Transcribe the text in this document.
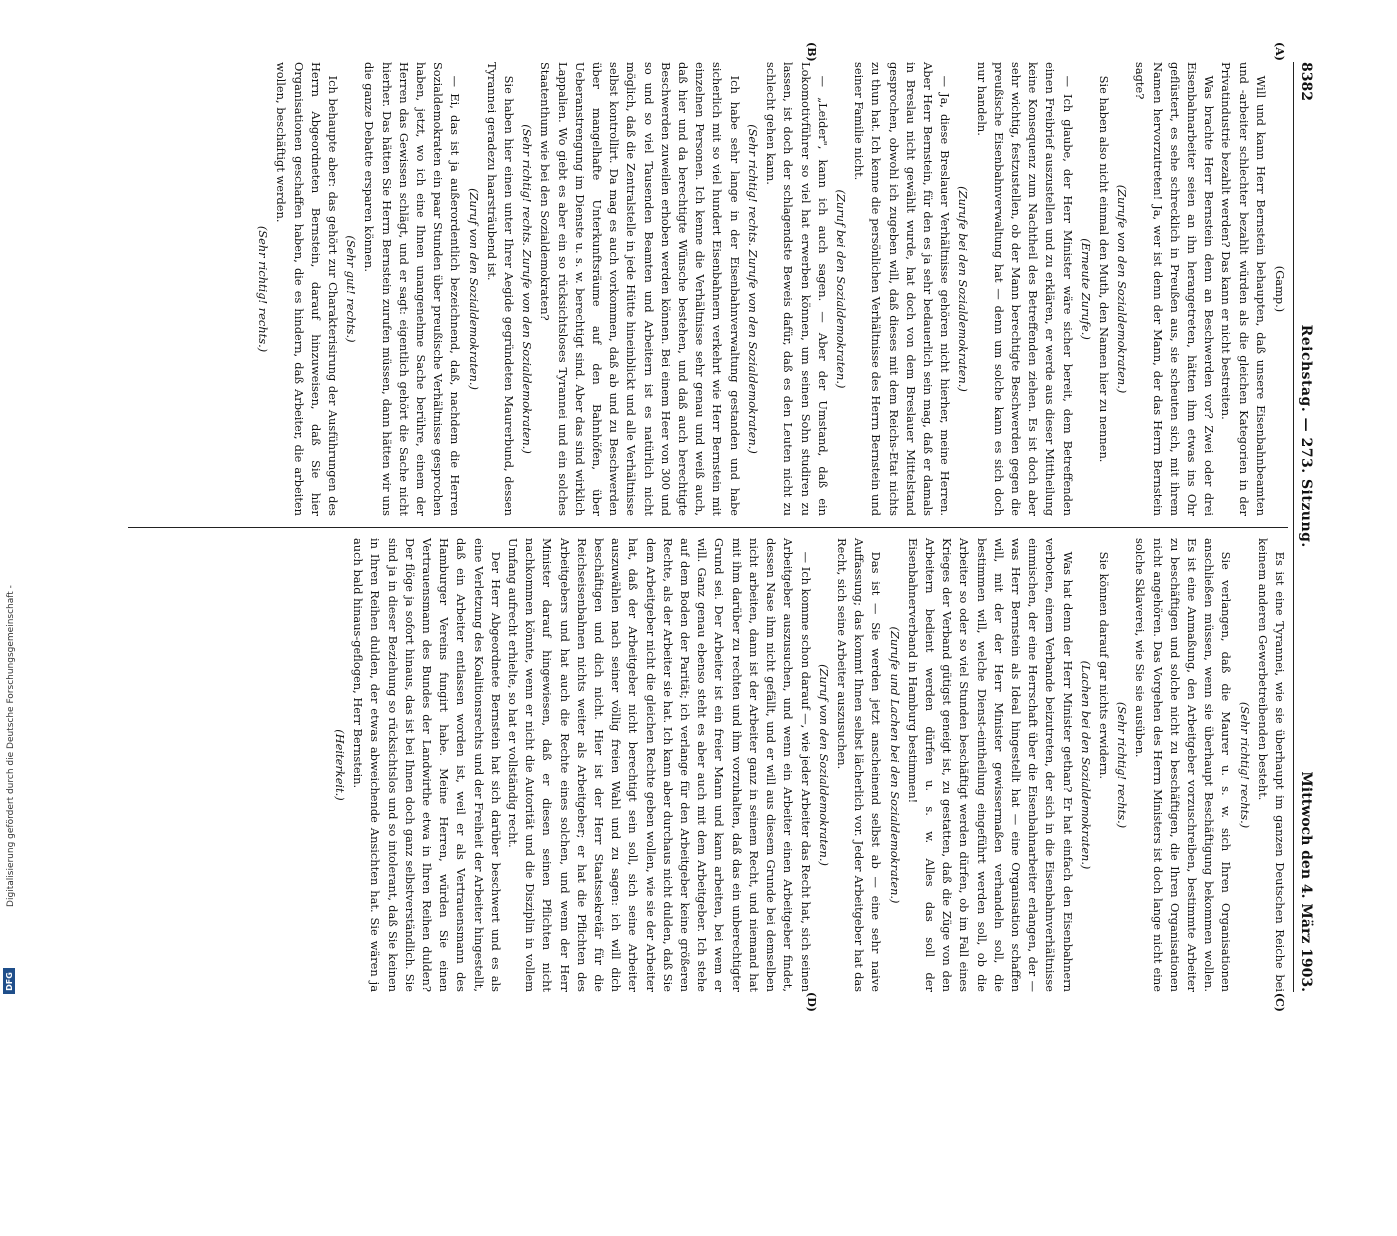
DFG
Digitalisierung gefördert durch die Deutsche Forschungsgemeinschaft -
8382
Reichstag. — 273. Sitzung.
Mittwoch den 4. März 1903.
(A)
(B)

(Gamp.)

Will und kann Herr Bernstein behaupten, daß unsere Eisenbahnbeamten und -arbeiter schlechter bezahlt würden als die gleichen Kategorien in der Privatindustrie bezahlt werden? Das kann er nicht bestreiten.

Was brachte Herr Bernstein denn an Beschwerden vor? Zwei oder drei Eisenbahnarbeiter seien an ihn herangetreten, hätten ihm etwas ins Ohr geflüstert, es sehe schrecklich in Preußen aus, sie scheuten sich, mit ihrem Namen hervorzutreten! Ja, wer ist denn der Mann, der das Herrn Bernstein sagte?

(Zurufe von den Sozialdemokraten.)

Sie haben also nicht einmal den Muth, den Namen hier zu nennen.

(Erneute Zurufe.)

— Ich glaube, der Herr Minister wäre sicher bereit, dem Betreffenden einen Freibrief auszustellen und zu erklären, er werde aus dieser Mittheilung keine Konsequenz zum Nachtheil des Betreffenden ziehen. Es ist doch aber sehr wichtig, festzustellen, ob der Mann berechtigte Beschwerden gegen die preußische Eisenbahnverwaltung hat — denn um solche kann es sich doch nur handeln.

(Zurufe bei den Sozialdemokraten.)

— Ja, diese Breslauer Verhältnisse gehören nicht hierher, meine Herren. Aber Herr Bernstein, für den es ja sehr bedauerlich sein mag, daß er damals in Breslau nicht gewählt wurde, hat doch von dem Breslauer Mittelstand gesprochen, obwohl ich zugeben will, daß dieses mit dem Reichs-Etat nichts zu thun hat. Ich kenne die persönlichen Verhältnisse des Herrn Bernstein und seiner Familie nicht.

(Zuruf bei den Sozialdemokraten.)

— „Leider", kann ich auch sagen. — Aber der Umstand, daß ein Lokomotivführer so viel hat erwerben können, um seinen Sohn studiren zu lassen, ist doch der schlagendste Beweis dafür, daß es den Leuten nicht zu schlecht gehen kann.

(Sehr richtig! rechts. Zurufe von den Sozialdemokraten.)

Ich habe sehr lange in der Eisenbahnverwaltung gestanden und habe sicherlich mit so viel hundert Eisenbahnern verkehrt wie Herr Bernstein mit einzelnen Personen. Ich kenne die Verhältnisse sehr genau und weiß auch, daß hier und da berechtigte Wünsche bestehen, und daß auch berechtigte Beschwerden zuweilen erhoben werden können. Bei einem Heer von 300 und so und so viel Tausenden Beamten und Arbeitern ist es natürlich nicht möglich, daß die Zentralstelle in jede Hütte hineinblickt und alle Verhältnisse selbst kontrollirt. Da mag es auch vorkommen, daß ab und zu Beschwerden über mangelhafte Unterkunftsräume auf den Bahnhöfen, über Ueberanstrengung im Dienste u. s. w. berechtigt sind. Aber das sind wirklich Lappalien. Wo giebt es aber ein so rücksichtsloses Tyrannei und ein solches Staatenthum wie bei den Sozialdemokraten?

(Sehr richtig! rechts. Zurufe von den Sozialdemokraten.)

Sie haben hier einen unter Ihrer Aegide gegründeten Maurerbund, dessen Tyrannei geradezu haarsträubend ist.

(Zuruf von den Sozialdemokraten.)

— Ei, das ist ja außerordentlich bezeichnend, daß, nachdem die Herren Sozialdemokraten ein paar Stunden über preußische Verhältnisse gesprochen haben, jetzt, wo ich eine Ihnen unangenehme Sache berühre, einem der Herren das Gewissen schlägt, und er sagt: eigentlich gehört die Sache nicht hierher. Das hätten Sie Herrn Bernstein zurufen müssen, dann hätten wir uns die ganze Debatte ersparen können.

(Sehr gut! rechts.)

Ich behaupte aber: das gehört zur Charakterisirung der Ausführungen des Herrn Abgeordneten Bernstein, darauf hinzuweisen, daß Sie hier Organisationen geschaffen haben, die es hindern, daß Arbeiter, die arbeiten wollen, beschäftigt werden.

(Sehr richtig! rechts.)

(C)
(D)

Es ist eine Tyrannei, wie sie überhaupt im ganzen Deutschen Reiche bei keinem anderen Gewerbetreibenden besteht.

(Sehr richtig! rechts.)

Sie verlangen, daß die Maurer u. s. w. sich Ihren Organisationen anschließen müssen, wenn sie überhaupt Beschäftigung bekommen wollen. Es ist eine Anmaßung, den Arbeitgeber vorzuschreiben, bestimmte Arbeiter zu beschäftigen und solche nicht zu beschäftigen, die Ihren Organisationen nicht angehören. Das Vorgehen des Herrn Ministers ist doch lange nicht eine solche Sklaverei, wie Sie sie ausüben.

(Sehr richtig! rechts.)

Sie können darauf gar nichts erwidern.

(Lachen bei den Sozialdemokraten.)

Was hat denn der Herr Minister gethan? Er hat einfach den Eisenbahnern verboten, einem Verbande beizutreten, der sich in die Eisenbahnverhältnisse einmischen, der eine Herrschaft über die Eisenbahnarbeiter erlangen, der — was Herr Bernstein als Ideal hingestellt hat — eine Organisation schaffen will, mit der der Herr Minister gewissermaßen verhandeln soll, die bestimmen will, welche Dienst-eintheilung eingeführt werden soll, ob die Arbeiter so oder so viel Stunden beschäftigt werden dürfen, ob im Fall eines Krieges der Verband gütigst geneigt ist, zu gestatten, daß die Züge von den Arbeitern bedient werden dürfen u. s. w. Alles das soll der Eisenbahnerverband in Hamburg bestimmen!

(Zurufe und Lachen bei den Sozialdemokraten.)

Das ist — Sie werden jetzt anscheinend selbst ab — eine sehr naive Auffassung; das kommt Ihnen selbst lächerlich vor. Jeder Arbeitgeber hat das Recht, sich seine Arbeiter auszusuchen.

(Zuruf von den Sozialdemokraten.)

— Ich komme schon darauf —, wie jeder Arbeiter das Recht hat, sich seinen Arbeitgeber auszusuchen, und wenn ein Arbeiter einen Arbeitgeber findet, dessen Nase ihm nicht gefällt, und er will aus diesem Grunde bei demselben nicht arbeiten, dann ist der Arbeiter ganz in seinem Recht, und niemand hat mit ihm darüber zu rechten und ihm vorzuhalten, daß das ein unberechtigter Grund sei. Der Arbeiter ist ein freier Mann und kann arbeiten, bei wem er will. Ganz genau ebenso steht es aber auch mit dem Arbeitgeber. Ich stehe auf dem Boden der Parität; ich verlange für den Arbeitgeber keine größeren Rechte, als der Arbeiter sie hat. Ich kann aber durchaus nicht dulden, daß Sie dem Arbeitgeber nicht die gleichen Rechte geben wollen, wie sie der Arbeiter hat, daß der Arbeitgeber nicht berechtigt sein soll, sich seine Arbeiter auszuwählen nach seiner völlig freien Wahl und zu sagen: ich will dich beschäftigen und dich nicht. Hier ist der Herr Staatssekretär für die Reichseisenbahnen nichts weiter als Arbeitgeber; er hat die Pflichten des Arbeitgebers und hat auch die Rechte eines solchen, und wenn der Herr Minister darauf hingewiesen, daß er diesen seinen Pflichten nicht nachkommen könnte, wenn er nicht die Autorität und die Disziplin in vollem Umfang aufrecht erhielte, so hat er vollständig recht.

Der Herr Abgeordnete Bernstein hat sich darüber beschwert und es als eine Verletzung des Koalitionsrechts und der Freiheit der Arbeiter hingestellt, daß ein Arbeiter entlassen worden ist, weil er als Vertrauensmann des Hamburger Vereins fungirt habe. Meine Herren, würden Sie einen Vertrauensmann des Bundes der Landwirthe etwa in Ihren Reihen dulden? Der flöge ja sofort hinaus, das ist bei Ihnen doch ganz selbstverständlich. Sie sind ja in dieser Beziehung so rücksichtslos und so intolerant, daß Sie keinen in Ihren Reihen dulden, der etwas abweichende Ansichten hat. Sie wären ja auch bald hinaus-geflogen, Herr Bernstein.

(Heiterkeit.)
